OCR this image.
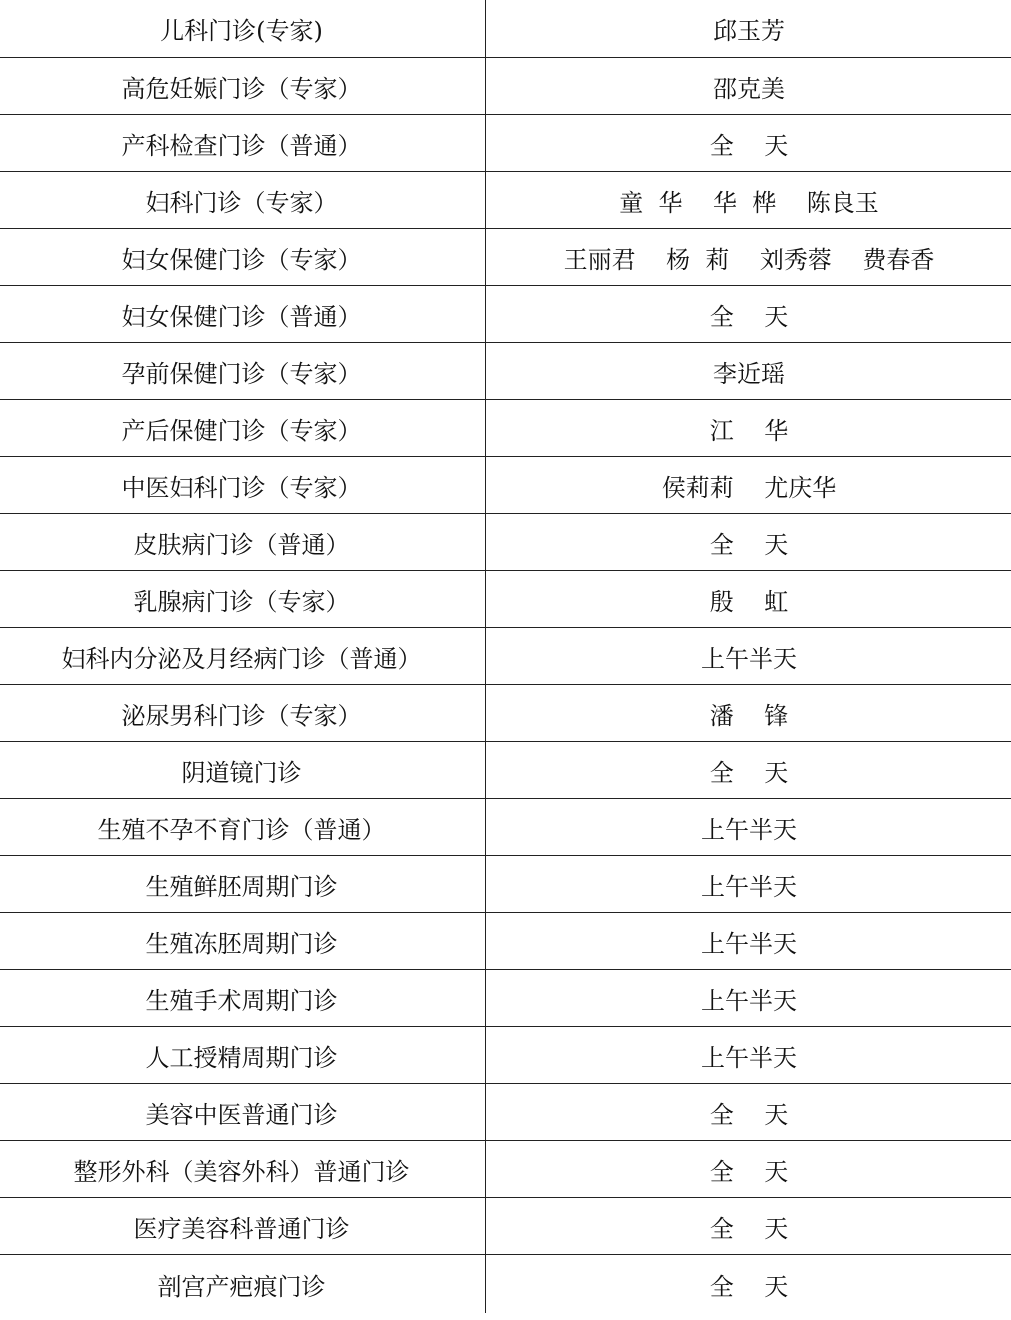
儿科门诊(专家)	邱玉芳
高危妊娠门诊（专家）	邵克美
产科检查门诊（普通）	全    天
妇科门诊（专家）	童  华    华  桦    陈良玉
妇女保健门诊（专家）	王丽君    杨  莉    刘秀蓉    费春香
妇女保健门诊（普通）	全    天
孕前保健门诊（专家）	李近瑶
产后保健门诊（专家）	江    华
中医妇科门诊（专家）	侯莉莉    尤庆华
皮肤病门诊（普通）	全    天
乳腺病门诊（专家）	殷    虹
妇科内分泌及月经病门诊（普通）	上午半天
泌尿男科门诊（专家）	潘    锋
阴道镜门诊	全    天
生殖不孕不育门诊（普通）	上午半天
生殖鲜胚周期门诊	上午半天
生殖冻胚周期门诊	上午半天
生殖手术周期门诊	上午半天
人工授精周期门诊	上午半天
美容中医普通门诊	全    天
整形外科（美容外科）普通门诊	全    天
医疗美容科普通门诊	全    天
剖宫产疤痕门诊	全    天
